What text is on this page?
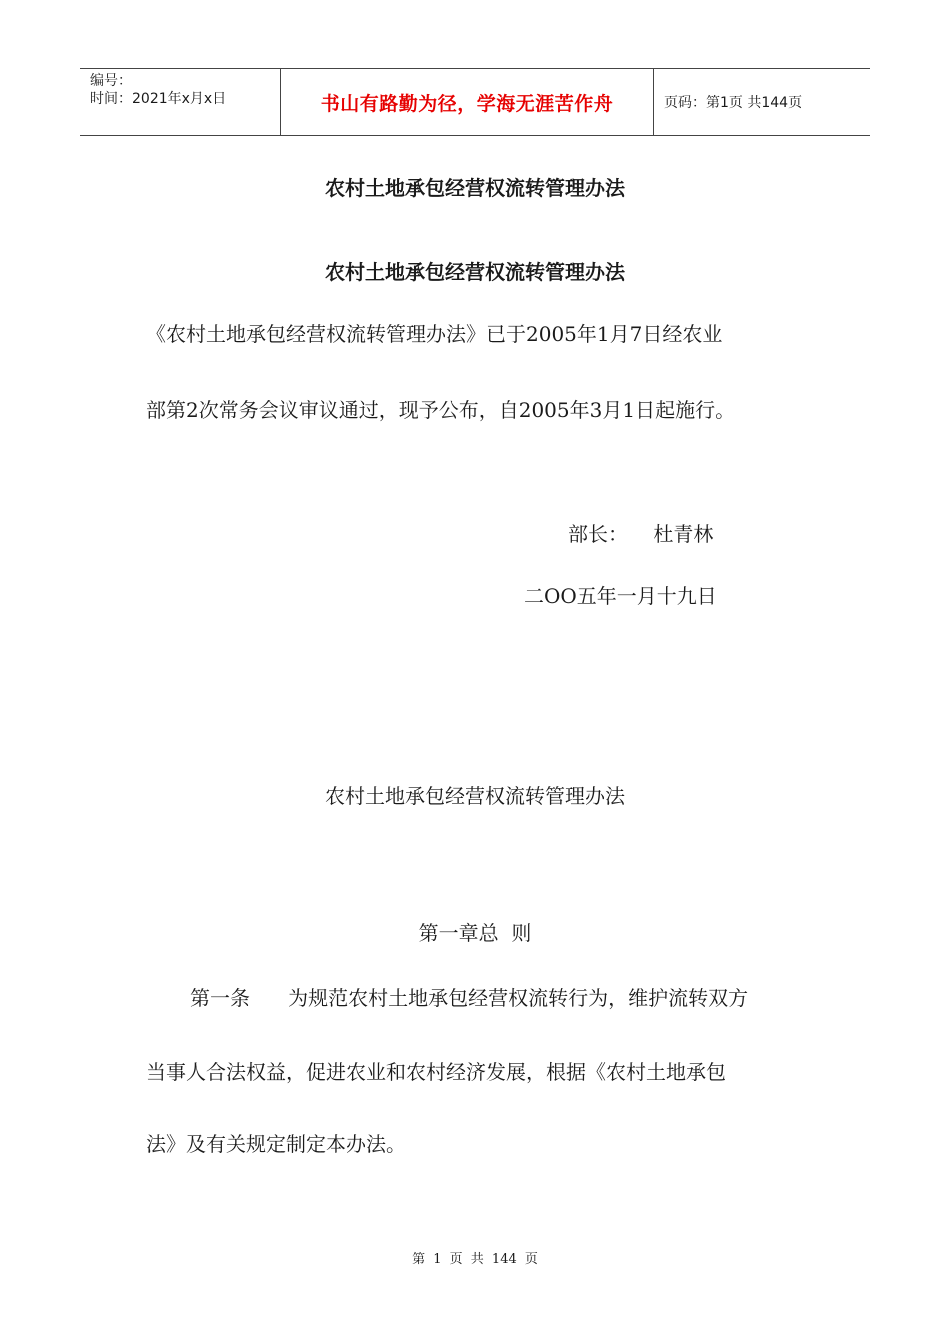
编号：
时间：2021年x月x日	书山有路勤为径，学海无涯苦作舟	页码：第1页 共144页
农村土地承包经营权流转管理办法
农村土地承包经营权流转管理办法
《农村土地承包经营权流转管理办法》已于2005年1月7日经农业
部第2次常务会议审议通过，现予公布，自2005年3月1日起施行。
部长：    杜青林
二OO五年一月十九日
农村土地承包经营权流转管理办法
第一章总  则
第一条      为规范农村土地承包经营权流转行为，维护流转双方
当事人合法权益，促进农业和农村经济发展，根据《农村土地承包
法》及有关规定制定本办法。
第 1 页 共 144 页
